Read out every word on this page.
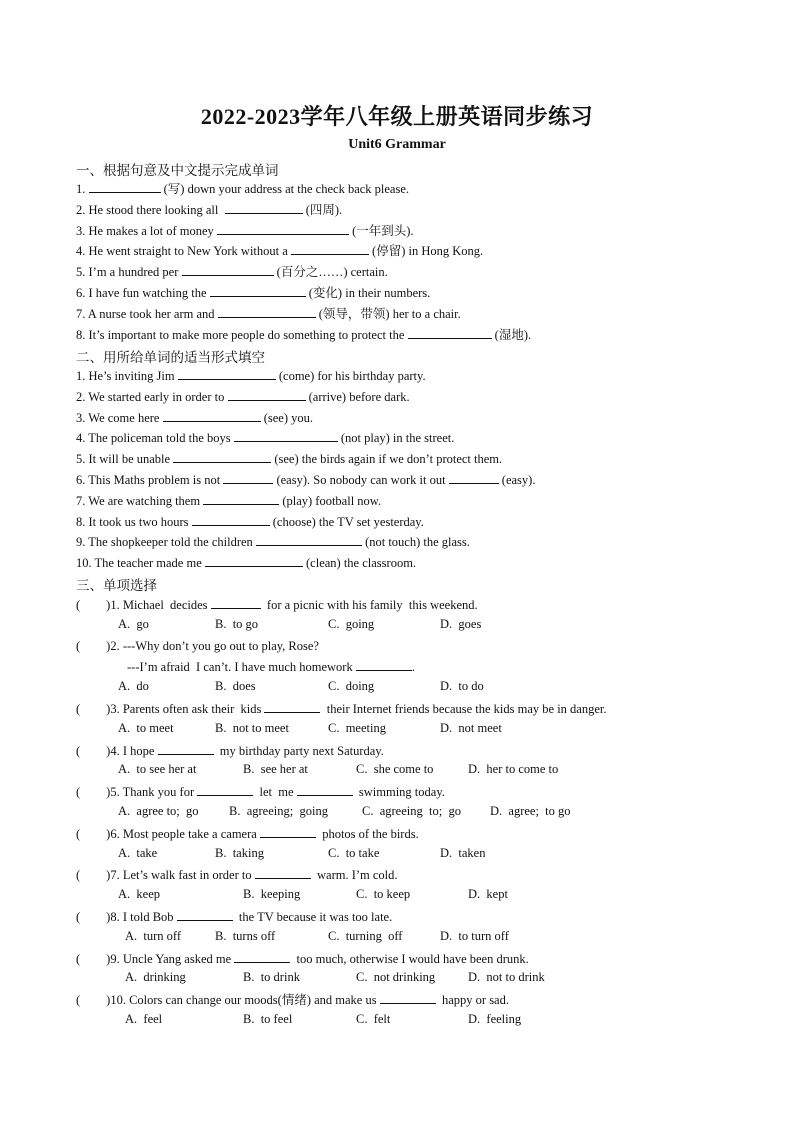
2022-2023学年八年级上册英语同步练习
Unit6 Grammar
一、根据句意及中文提示完成单词
1.	(写) down your address at the check back please.
2. He stood there looking all	(四周).
3. He makes a lot of money	(一年到头).
4. He went straight to New York without a	(停留) in Hong Kong.
5. I’m a hundred per	(百分之……) certain.
6. I have fun watching the	(变化) in their numbers.
7. A nurse took her arm and	(领导，带领) her to a chair.
8. It’s important to make more people do something to protect the	(湿地).
二、用所给单词的适当形式填空
1. He’s inviting Jim	(come) for his birthday party.
2. We started early in order to	(arrive) before dark.
3. We come here	(see) you.
4. The policeman told the boys	(not play) in the street.
5. It will be unable	(see) the birds again if we don’t protect them.
6. This Maths problem is not	(easy). So nobody can work it out	(easy).
7. We are watching them	(play) football now.
8. It took us two hours	(choose) the TV set yesterday.
9. The shopkeeper told the children	(not touch) the glass.
10. The teacher made me	(clean) the classroom.
三、单项选择
( )1. Michael  decides	for a picnic with his family  this weekend.
A.  go	B.  to go	C.  going	D.  goes
( )2. ---Why don’t you go out to play, Rose?
---I’m afraid  I can’t. I have much homework	.
A.  do	B.  does	C.  doing	D.  to do
( )3. Parents often ask their  kids	their Internet friends because the kids may be in danger.
A.  to meet	B.  not to meet	C.  meeting	D.  not meet
( )4. I hope	my birthday party next Saturday.
A.  to see her at	B.  see her at	C.  she come to	D.  her to come to
( )5. Thank you for	let  me	swimming today.
A.  agree to;  go B.  agreeing;  going	C.  agreeing  to;  go D.  agree;  to go
( )6. Most people take a camera	photos of the birds.
A.  take	B.  taking	C.  to take	D.  taken
( )7. Let’s walk fast in order to	warm. I’m cold.
A.  keep	B.  keeping	C.  to keep	D.  kept
( )8. I told Bob	the TV because it was too late.
A.  turn off	B.  turns off	C.  turning  off	D.  to turn off
( )9. Uncle Yang asked me	too much, otherwise I would have been drunk.
A.  drinking	B.  to drink	C.  not drinking	D.  not to drink
( )10. Colors can change our moods(情绪) and make us	happy or sad.
A.  feel	B.  to feel	C.  felt	D.  feeling
